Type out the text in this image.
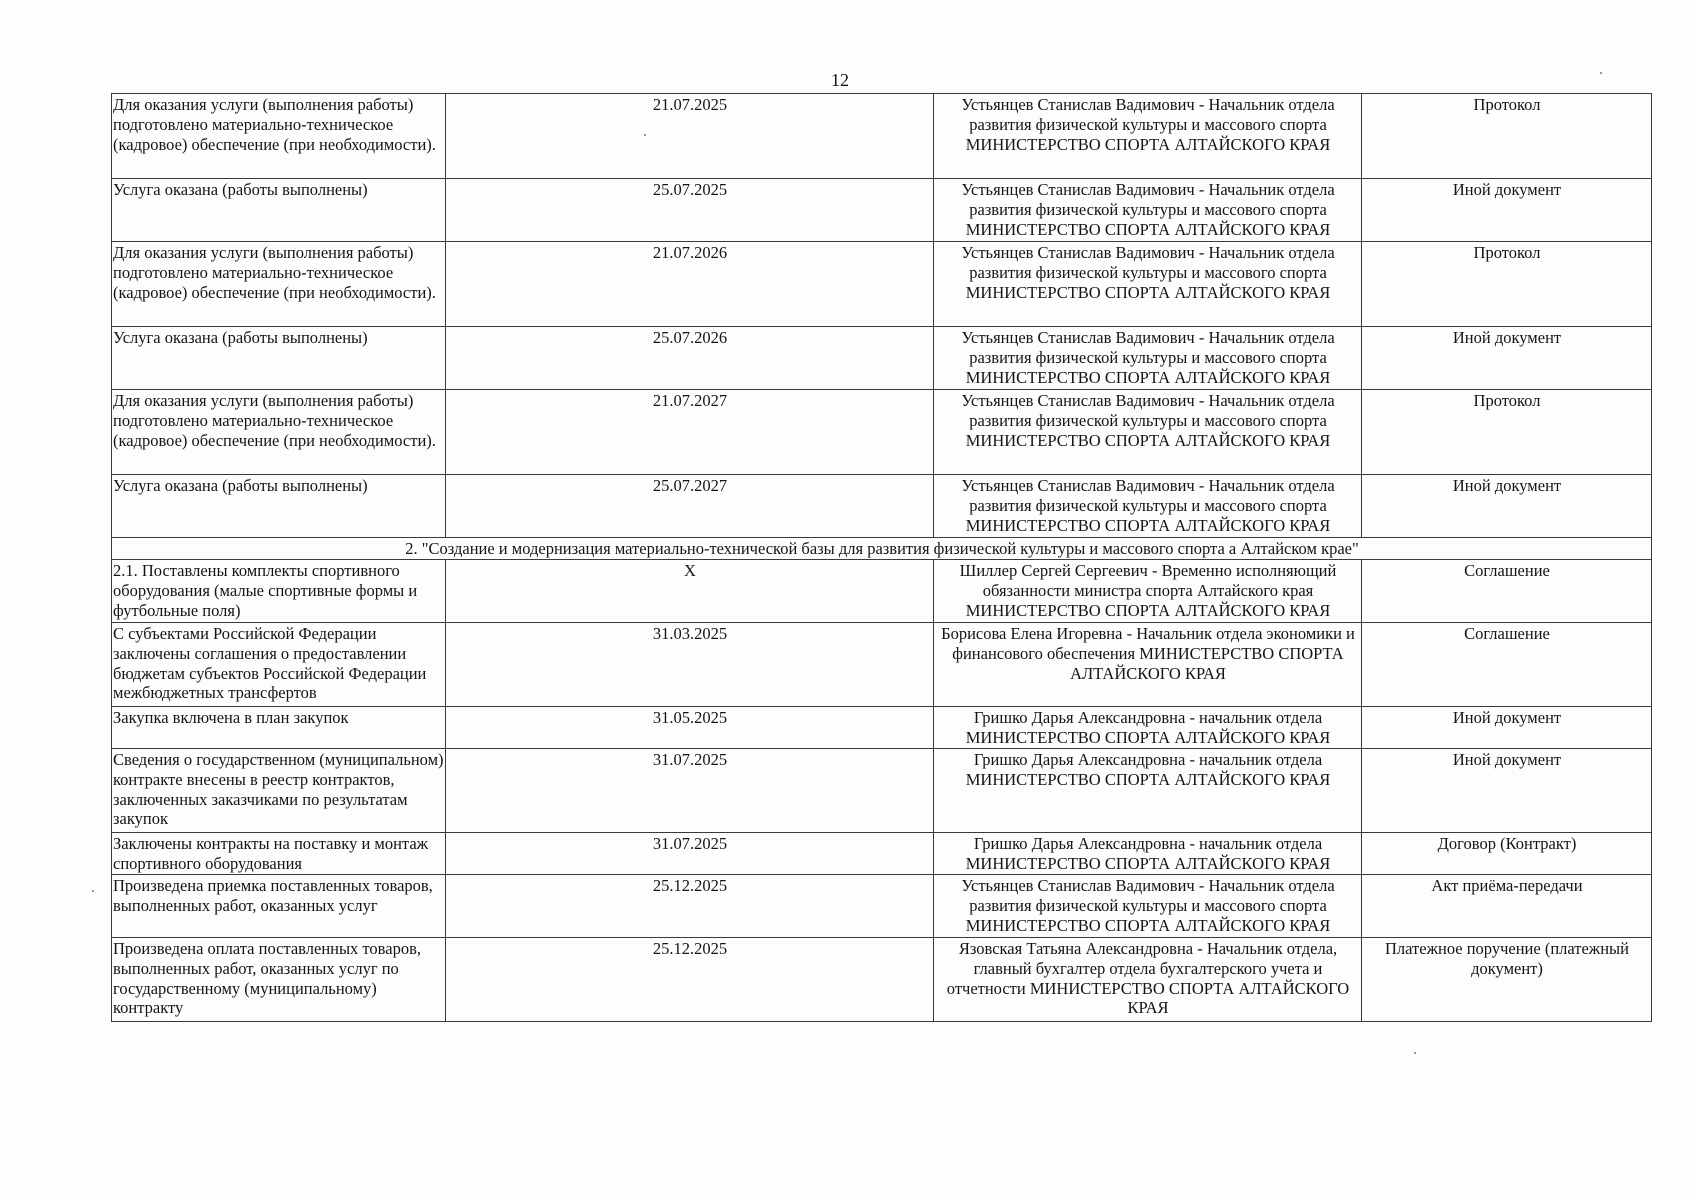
12
Для оказания услуги (выполнения работы) подготовлено материально-техническое (кадровое) обеспечение (при необходимости).	21.07.2025	Устьянцев Станислав Вадимович - Начальник отдела развития физической культуры и массового спорта МИНИСТЕРСТВО СПОРТА АЛТАЙСКОГО КРАЯ	Протокол
Услуга оказана (работы выполнены)	25.07.2025	Устьянцев Станислав Вадимович - Начальник отдела развития физической культуры и массового спорта МИНИСТЕРСТВО СПОРТА АЛТАЙСКОГО КРАЯ	Иной документ
Для оказания услуги (выполнения работы) подготовлено материально-техническое (кадровое) обеспечение (при необходимости).	21.07.2026	Устьянцев Станислав Вадимович - Начальник отдела развития физической культуры и массового спорта МИНИСТЕРСТВО СПОРТА АЛТАЙСКОГО КРАЯ	Протокол
Услуга оказана (работы выполнены)	25.07.2026	Устьянцев Станислав Вадимович - Начальник отдела развития физической культуры и массового спорта МИНИСТЕРСТВО СПОРТА АЛТАЙСКОГО КРАЯ	Иной документ
Для оказания услуги (выполнения работы) подготовлено материально-техническое (кадровое) обеспечение (при необходимости).	21.07.2027	Устьянцев Станислав Вадимович - Начальник отдела развития физической культуры и массового спорта МИНИСТЕРСТВО СПОРТА АЛТАЙСКОГО КРАЯ	Протокол
Услуга оказана (работы выполнены)	25.07.2027	Устьянцев Станислав Вадимович - Начальник отдела развития физической культуры и массового спорта МИНИСТЕРСТВО СПОРТА АЛТАЙСКОГО КРАЯ	Иной документ
2. "Создание и модернизация материально-технической базы для развития физической культуры и массового спорта а Алтайском крае"			
2.1. Поставлены комплекты спортивного оборудования (малые спортивные формы и футбольные поля)	X	Шиллер Сергей Сергеевич - Временно исполняющий обязанности министра спорта Алтайского края МИНИСТЕРСТВО СПОРТА АЛТАЙСКОГО КРАЯ	Соглашение
С субъектами Российской Федерации заключены соглашения о предоставлении бюджетам субъектов Российской Федерации межбюджетных трансфертов	31.03.2025	Борисова Елена Игоревна - Начальник отдела экономики и финансового обеспечения МИНИСТЕРСТВО СПОРТА АЛТАЙСКОГО КРАЯ	Соглашение
Закупка включена в план закупок	31.05.2025	Гришко Дарья Александровна - начальник отдела МИНИСТЕРСТВО СПОРТА АЛТАЙСКОГО КРАЯ	Иной документ
Сведения о государственном (муниципальном) контракте внесены в реестр контрактов, заключенных заказчиками по результатам закупок	31.07.2025	Гришко Дарья Александровна - начальник отдела МИНИСТЕРСТВО СПОРТА АЛТАЙСКОГО КРАЯ	Иной документ
Заключены контракты на поставку и монтаж спортивного оборудования	31.07.2025	Гришко Дарья Александровна - начальник отдела МИНИСТЕРСТВО СПОРТА АЛТАЙСКОГО КРАЯ	Договор (Контракт)
Произведена приемка поставленных товаров, выполненных работ, оказанных услуг	25.12.2025	Устьянцев Станислав Вадимович - Начальник отдела развития физической культуры и массового спорта МИНИСТЕРСТВО СПОРТА АЛТАЙСКОГО КРАЯ	Акт приёма-передачи
Произведена оплата поставленных товаров, выполненных работ, оказанных услуг по государственному (муниципальному) контракту	25.12.2025	Язовская Татьяна Александровна - Начальник отдела, главный бухгалтер отдела бухгалтерского учета и отчетности МИНИСТЕРСТВО СПОРТА АЛТАЙСКОГО КРАЯ	Платежное поручение (платежный документ)
